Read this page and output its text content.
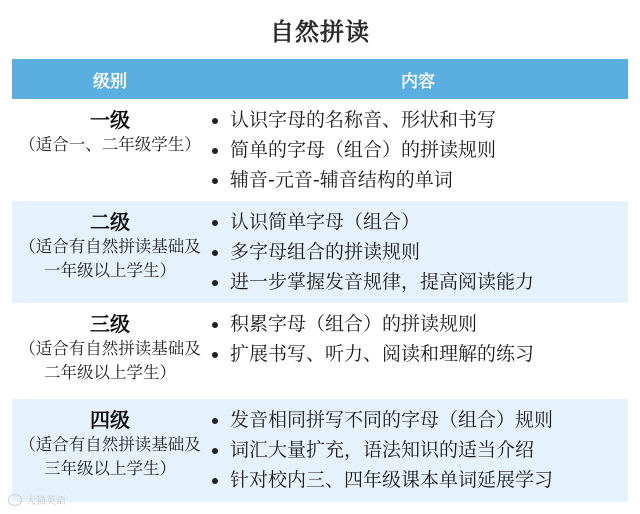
自然拼读
级别	内容
一级
（适合一、二年级学生）
认识字母的名称音、形状和书写
简单的字母（组合）的拼读规则
辅音-元音-辅音结构的单词
二级
（适合有自然拼读基础及一年级以上学生）
认识简单字母（组合）
多字母组合的拼读规则
进一步掌握发音规律，提高阅读能力
三级
（适合有自然拼读基础及二年级以上学生）
积累字母（组合）的拼读规则
扩展书写、听力、阅读和理解的练习
四级
（适合有自然拼读基础及三年级以上学生）
发音相同拼写不同的字母（组合）规则
词汇大量扩充，语法知识的适当介绍
针对校内三、四年级课本单词延展学习
大猫英语
